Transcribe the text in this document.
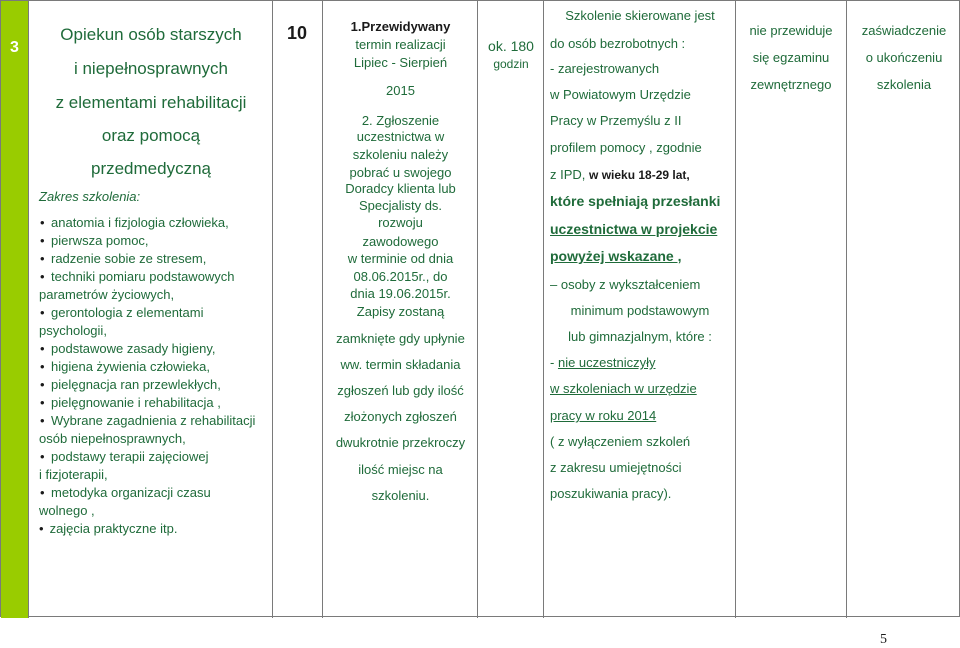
3
Opiekun osób starszych
i niepełnosprawnych
z elementami rehabilitacji
oraz pomocą
przedmedyczną
Zakres szkolenia:
• anatomia i fizjologia człowieka,
• pierwsza pomoc,
• radzenie sobie ze stresem,
• techniki pomiaru podstawowych
parametrów życiowych,
• gerontologia z elementami
psychologii,
• podstawowe zasady higieny,
• higiena żywienia człowieka,
• pielęgnacja ran przewlekłych,
• pielęgnowanie i rehabilitacja ,
• Wybrane zagadnienia z rehabilitacji
osób niepełnosprawnych,
• podstawy terapii zajęciowej
i fizjoterapii,
• metodyka organizacji czasu
wolnego ,
• zajęcia praktyczne itp.
10	1.Przewidywany
termin realizacji
Lipiec - Sierpień
2015
2. Zgłoszenie
uczestnictwa w
szkoleniu należy
pobrać u swojego
Doradcy klienta lub
Specjalisty ds.
rozwoju
zawodowego
w terminie od dnia
08.06.2015r., do
dnia 19.06.2015r.
Zapisy zostaną
zamknięte gdy upłynie
ww. termin składania
zgłoszeń lub gdy ilość
złożonych zgłoszeń
dwukrotnie przekroczy
ilość miejsc na
szkoleniu.
ok. 180
godzin
Szkolenie skierowane jest
do osób bezrobotnych :
- zarejestrowanych
w Powiatowym Urzędzie
Pracy w Przemyślu z II
profilem pomocy , zgodnie
z IPD, w wieku 18-29 lat,
które spełniają przesłanki
uczestnictwa w projekcie
powyżej wskazane ,
– osoby z wykształceniem
minimum podstawowym
lub gimnazjalnym, które :
- nie uczestniczyły
w szkoleniach w urzędzie
pracy w roku 2014
( z wyłączeniem szkoleń
z zakresu umiejętności
poszukiwania pracy).
nie przewiduje
się egzaminu
zewnętrznego
zaświadczenie
o ukończeniu
szkolenia
5
